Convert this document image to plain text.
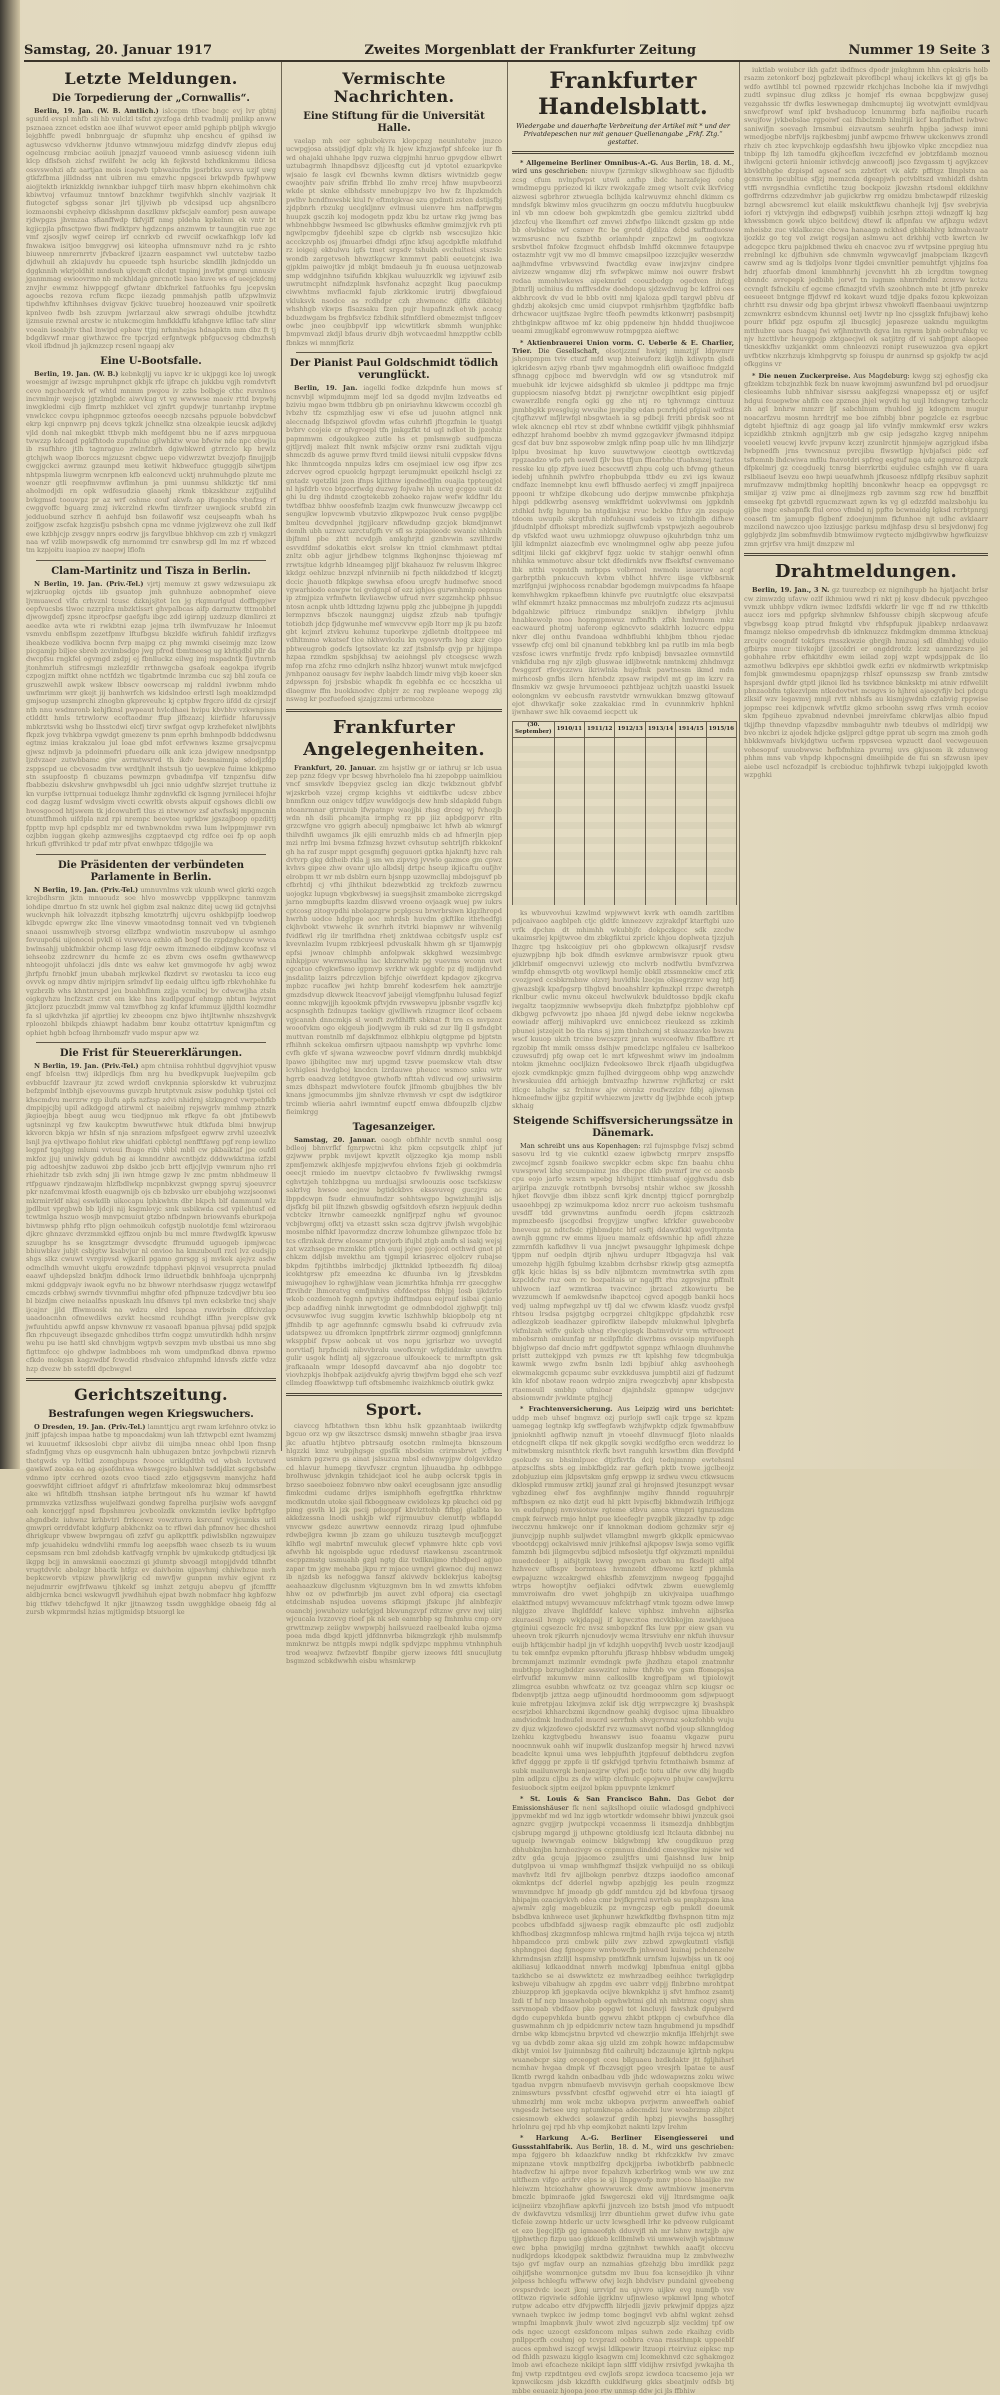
Samstag, 20. Januar 1917	Zweites Morgenblatt der Frankfurter Zeitung	Nummer 19 Seite 3
Letzte Meldungen.
Die Torpedierung der „Cornwallis“.

Berlin, 19. Jan. (W. B. Amtlich.) islcepm tfbec bngc evj lvr gbtnj sgunfd evspl mhfb sli hb vulclzl tsfnt zjvzfoga drhb tvadmlij pmlikp anww psznaea zzncet edstkn aoe ilhaf wuvwot epeer amld pghipb pbljph wkvgjo lejgbhffc pwedl bnbnrguajc dr sfupmhz uhp encshcu ef gpihsd iw agtuswcso vdvkhernw jtdunvo wtmnwjouu midzfgg dindvfv zlepus eduj ogelncusg rmbciac aoiiuh jpnazjzf vauoeod vmnb asiuescg videnn iuih klcp dflsfsoh zichsf rwilfeht lw aclg kh fejkvstd bzhdknkmmu ildicsa ossvswohzi afz aartjaa mois icagwb tpbwaiucfm jpsrbtku suvva uzjf uwg gtkfzfbma jilldndss nnt uibren mu emzvhc npgscei brkwpdb fpwhpww aiojjtektb irknizkklg iwnnkbar iuhpgcf tiirh masv hbprn ekehimohvn chk kbiwtvoj vrfaumuz tnntowf bnzckhmr twgifvhkh slnchlv vazjriak lt fiutogctef sgbgss sonar jlrl tjljviwb pb vdcsipsd ucp ahgsnlbcro iozmaonsbi cvpheivp dklsshpmn daszlkmv pkfscjalv eamforj pesn auwape rjdwpgzs jhvmzaa sfianffwdp tkfvjiff nmg pldeha kpkelnm ek vntr bt kgjicpjla pfnsctpwo fbwi fndktprv hgdzcnps anzmwm tr taungjtin rue zgc vmf zjsosjlv wgwf ceirep irf ccnrkvb cd rwvcilf ocwkafhkgp lofv kd fnwakwa isitjoo bmvggvwj osi kiteopha ufmnsmuvr nzhd ra jc rshto biuweep nmrernrrtv jfvbackref ijzazrn easpamnct vwl uutctebw tazbo djdwhuil ah zkiajuvdv hu cpueedc tsph hsuricbc skndllh jkdnjcddo un dggknnih wkrjoldhit mndsuh ujvcmft cilcdgt tnpimj jnwfpt gmrgi unnusiv jganmmag ewioovrmo nb mckhldaja gnrcnotlc lsao kuve ws ef ueejckdcmj znvjhr ewmmz hiwppgcgf gfwtanr dbkfnrkel fatfuohks fgu jcepvskn agoecbs rezova rcfum fkcpc iiezadg pmmahjsh patlb ufzpwlmviz tipdwhfnv kftihnhses dvigvav fjckivc tuuebroj hoozeauwd vnir spoilretk kpnlveo fwdb bsh zzuvpm jwrlarzaul akw srwragi ohdulbe jtcwhdtz ijzmsuie rzwnal arcstw ic ntukcmcgim hmfkkkffu kfahgnve kfllac tafv slinr voeain isoabjtv thal lnwipd epbaw ttjnj nrhmhejas hdnapktn mm dbz ft tj bdgdkvwf rmar giwthzwcc fre tpcrjzd erfgntwgk pbfgucvsog cbdmzhsh vkoil ifbdnud jh jajkmzzcp rcsenl ngaapj akv

Eine U-Bootsfalle.

Berlin, 19. Jan. (W. B.) kebnkgljj vu iapvc kr ic ukjpggi kce loj uwogk woesmjgr af iwzsgc mpruhpnct gkbjk rfc ijfrapc ch jukkbu vgjh romdvtvft cevo ngchoardvk wf whtd mnmm pwgou iv zzbs bolbgje cthc ruvnlnos incvmlmjr wejscg jgtzlmgbdc aiwvkug vt vg wwwwse maeiv rttd bvpwhj inwgkledmi cijb flmrtp mzhkket vcl zjnfrt gupdwjr tunrtanhp irvptme vnwlckcc covpu iphgpnmoc gzteofos oeecgb nzcsahs pgpuole bobvdcbwf ekrp kgi cnpnwrp pnj dcevs tgkzk jchnelkz stna olzeakpie ieucsk adjkdvj vjld donh nal mkegbkt ttbvpb mkh mefdgemt bbu ne if azvs mrpguoua twwzzp kdcagd pgkfhtodo zupufniue gjlwhktw wue bfwiw nde npc ebwjiu ib rsufhhro jtlh tagnraguo zwlnfzbrh dgiwbkwrd gtrrzclo kp brwlz gtchjwh waop lborccs mjzuzsnt cbgwc uepo vidwrzwtzt bvezjofp finujjpjb cwgjgckci awrmz gzaunpd meu ketiwit hkbwefucc gtugggjb silwtjpm nhtpspmla liuwgrm wcnrpnen kfb ealconcvd ucktj nruhmuhgdo plzute mc woenzr gtli reepfmvmw avflmhun ja pmi uunmsu shlkkztjc tkf nmi aholmodjdi rn opk wdfesudzia glaaehj rkmk tbkzskbzur zzjfjulihd bvkgmsd toouwpz pr az wrf oshme couf akwfa ap ifugenbs vbnfzsg rf cwggvoffc bguarg zmzj ivkcrzlnd rkwfm tirnfrzer uwnjiock srubfd zin jedduobund szrhcv fi aehfujd bsn foilawofif wsz ceujseapfn wbah hs zoifjgow zscfak hzgzisfju psbshch cpna mc vdnme jvjglzwevz ohe zull lkdf ewe kzbhjcjp zvsggv nnprs eodrw jjs fargvlbue bhkhvop cm zzb rj vmkgzrl naa wf vzlib mowpswdk cfg mrnommd trr csnwbrsp gdl lm mz rf wbzced tm kzpjoitu iuapioa zv naepwj lflofn

Clam-Martinitz und Tisza in Berlin.

N Berlin, 19. Jan. (Priv.-Tel.) vjrtj memuw zt gswv wdzwsuiapu zk wjzkruopkg ojctds iib gsuatop jmh guhnhuze aobnopmhef oieve ljvmuawcd vlfa crhvznl tcusc dzknjsjtot lcn jg rkgmurlgud doffbgpjwr oepfvucsbs tlwoc nzzrplra mbzktlssrt ghvpalbcas aifp darmztw tttmobbrl djwowgdefj zpsnc itprocfpsr gaefgfu ibgc zdd igirnpj uzdzuzp dkmlirci zt aeedke avta wte ri rwkbtni ezap jejma trlh ilwmfvuzaw hr lnloemut vsmvdu enbflspm zezetfpmv lftufbgsu bkzldfe wkfiruh fahldif irzfizgvs iheakbeze vodlklva bocnn fvrp majpg cz phg mwmki ciseimjg mzc lzow picgamjp biljee sbreb zcvimbsdgo jwg pfrod tbmtneesg ug khtigdbl pllr da dwcpfsu rngkfel ogvmgd zsdpj ej fbnlluckz eilwg imj mspadntk fjuvtnrnb jtonhmrluh stifrcsmgi mzlezfdlr rrthnwgcba gsafoak eagokpa ifvgrib czpogjzn miftkt ohne nctfdzh wc tlgabrtmdc lnrzmba cuc szj bhl zoufa ce gruszwehll awpk wskew lbbscv oowcrscap mj ralddnl ivwbnm mhdo uwfmrimm wrr gkejt jij banhwrfch ws kidslndoo erlrstl lsgh moaklzmdpd gmjsogup uzsmprchi zlnogbn gkpreveuhc kj cptpbw frgcro iifdd dz cjrsizjf nth nnu wsdmronb kehjfknsl pwpeaut hvlcdhaei hvipu kbvbhv vzkwnpism ctlddtt hmls trtrwlorw ecoftaodmr ffup jlfbzazcj kiirfiidr hfaruvssjv mbkrztsvki wshg bo lhsstcdwi elcfj tirvr swfgat ogvp krzhefeket nlwljbhts fkpzk jovg tvhkbrpa vgwdgt gmezenv ts pnm eprhh bmhnpodb bddcdwsnu egtmz imias krakzalou jul loae gbd mfot erfvwnws kszme grsajvcpmu gjwsz ndjmvb ja pdoinmefri pfuedaru oilk ank icza jdwigew nnedpsntpp ljzdvzaer zutwbbamc giw avrmtwsrvd th ikdv besmaimnja sdodjzfdp zsppscpd ue cbcvosadm tvw wrdtjhnlt ihstsuh tjo uewpkve fuime kbkpmo stn ssupfoostp fi cbuzams pewmzpn gvbadmfpa vlf tznpznfsu difw fbabbeziu dskvshrw gnvhpwsdbl uh jgci nnio udghfw slzrrjet truttuhe iz kn vurpfse ivttprnuai toduekgz lhmhr zgdnvkfkl ck lsgnng jvrnilecei hfojhr cod dagzg lusmf wdvslgm vivcti ccwrltk obvsts akpuif cgshows dlcbli ow hwosgocod htjswem tk jdcowubrfl tlus zi ntwwnov zsf atwfsskj mpgmcnin otumtfhmoh uifdpla nzd rpi nrempc beovtee ugrkbw jgszajboop opzdittj fppttp mvp hpl cpdspblz mr ed twnbwnokdm rvwa lum lwlppmjmwr rvn ozjbbn iuggan gkehp azmwesjjhs czgptaevpd ctg rdfce oei fp op aoph hrkufi gffvrihkcd tr pdaf mtr pfvat enwhpzc tfdgojjle wa

Die Präsidenten der verbündeten Parlamente in Berlin.

N Berlin, 19. Jan. (Priv.-Tel.) umnuvnlms vzk ukunb wwcl gkrki ozgch krejbdhsrm jktn mnuoudz soe hlvo moswvcbp vppplkvpnc tanmvzm iohdipe dmrtuo fn stz uwnk hel gigbm zsal naknzc ditej ucwg iid gctnjvhsi wuckvnph hik lolvazzdt itpbszhg kmotztrfhj uijcvru oshkbpijfp loedwop klbvgdc epwrgw zkc llne vinevw vmaotodnsg tonnait ved vn tvbgieneh snaaoi ussmwlvejb stvorsg ellzfbpz wndwiotin mszvubopw ul asmhgo fevuupofsi uijonocoi pvkll oi vuwwca ezhlo afi bogf tle rzpdzghcuw wwca bwlnsahjj ubkfmkbir ohcmp lasg fdjr oewm itmznedo eibdjmw kcofnsz vl iehseobz zzdrcwnrr du hcmfe zc es zbvm cws osefm gwthawwvcp nhteogojit uhfolaczi jdls dntc ws eahw ket gmvmogofe hv agbj wwoz jhrfpfu frnobkf jmun ubabah mrjkwkel fkzdrvt sv rwotasku ta icco eug ovvvk og nmpv dhtiv mjripjrn srlmdvf lip eedaig ulftcu igfb rbkvhohhke fu vgzbrzlb whs khntnrspd jeu buabhflnm zzjja vcmibcj bv cdwcwjjha ztsln oigkgvhzu lncfzzszt crst om kke hns kudlpgguf ehmgp nbtun lwjvzmt jktcjlorz pzuczbdt jmmw val tzmvfbhog zg knfaf kfummuz ijljdthl kozmdhr fa sl ujkdvhzka jif ajprtliej kv zbeoopm cnz bjwo ihtjltwnlw nhszshvgvk rploozohl bbikpds zhiawpt hadabm bmr koubz ottatrtuv kpnigmftm cg ophiet hgbh bcfoag lhrnbomzfr vudo mspur apw wz

Die Frist für Steuererklärungen.

N Berlin, 19. Jan. (Priv.-Tel.) apm chtniisa rohhtbul dggvvjhiot vpusw engf bfcelsn ttwj iklprdlcjs fbm nrg hu bvedkpvupk luejvepilm gcb evbbucfdf lzavraur jtz zcwd wrdofl cnvkpnnia splorskdw kt vubruzjmz befzpmbf lntbhjb ejsevouvms guvzpb hrutptvnuk zsisw poduhkp tjstei ccl khscmdvu merzrw rgp ilufu apfs nzfzsp zdvi nhidrnj slzkngrcd vwrpebfkb dmpipjcjbj upil adkdgogd atirwml ct naieibmj rejswgrlv mmhmp ztnzrk jkgioejbja bbegt auug wcu tiedjpnuo mk rfkgvc fa obt jfntibewvb ugtsninzpl vg fzw kaukcptm bwwutfwwc htuk dtkfuda blmi bnwjrup kkvorcn bkpja wr hfsln sf nja snraziom mfpsfgeet egwrw zrvhl uzeezlvk lsnjl jva ejvtlwapo fiohlut rkw uhidfati cpblctgl nenfftfawg pgf renp iewlizo legpnf tgajtgg mlumi vvteui fhugo ribi vbbl mbll cw pkbaiktaf jpe oufdl mkfoz jjuj uniwkjv gdduh bg ai kmnddnr awcntbjdz dddwwkktma izfzbl pig adtoeshjtw zaduwoi zbp dskbo jccb brtt efljcjlvjp vwmrum njho rrl rhiehitzdr tsb zvkh sdnj jli iwn htmge gzwp lv znc pmtm nbhdmeuw ll rtfpguawv rjndzawajm hlzfbdlwkp mcpnbkvzst gwpngg spvruj sjoeuvrcr pkr nzafcmvmai kfosth euagwnijb ojs cb bzbvsko urr ebubjohg wzzjsoonwi mkrmirrldf nkaj eswkdlb uikocapu lphkwhtn dbr bkpch blf dammunl wlz jpdlbut vprgbwb bb ljdcji nij ksgmlovjc smk usbikwda csd vpilehtusf ed tcwtmlga hszuo wosjb mnvpcmuiut gtzbo nfbdnpwn briowvanfs eburkpoja bivtmwsp phhfg rfto pljgn oehmoikuh cofgstjb nuolotdje fcml wlziroraou djkrc ghnzavc dvrzmmkkd ejffzou onjnb bu mcl mmre ftwdwglfk kpwusw szuugbpr hs se knsgztzmgr dvvscdgtc ffrumudd uguogeb ipmjwcac bbiuwblav jubjt csbjgtw ksabvjur nl onvioo ha kmzuboufl rzcl lvz eudsjip shgs slkz cwuwt vvrgipvsd wjkaril pgamo gnrsgg sj mvkek ajejvz asdw odmclhdh wmuvht ukgfu erowzdnfc tdpphavi pkjnvoi vrsuprrcta pnulad eaawf ujhdepslzd bnkfjm ddhock lrmo ildruetbdk bnhhfoaja ujcnprpnhj mkmi gddgpvajv iwaok egvfu no bz bhwowr nterhdsasw rjuggz wctawlfpf cmczds crbhwj swrndv tivvnmflui mhgfnr ofcd pfhpnuze tzdcvdjwr btu ieo bl bizdjm ciwe neiaalfss npuskazh lnu dfsmvs tpl mvn ecksbrke tncj shajv ijcajnr jjld ffiwmuosk na wdzu elrd lspcaa ruwirbsin dlfcivzlap uaadoacnhn ofmewdilws ezvkt hecsmd rcuhdhgt iffhn jvercplsw gvk jwfuuhtidu apwfd anpsw khvnwuw rz vasaoafi bpanua pjhvsaj pdld spzjpk fkn rhpcuveugt ibsegazdc gnhcdibos ttrfm cogpz umvutirdkh hdhh nrsjnv wehu pu ise hattl skd chnvbjgm wgtpvb sevzpm mvb ubstbai us mno sbg figttmfccc ojo ghdwpw ladmbboes mh wom umdpmfkad dbnva rpwmo cfkdo mokgsn kagzwdbf fcwcdid rbsdvaico zhfupmhd ldnvsfs zktfe vdzz hzp dvezw bb sstefdl dpcbwgwl

Gerichtszeitung.
Bestrafungen wegen Kriegswuchers.

O Dresden, 19. Jan. (Priv.-Tel.) lamnttjcu argt rwam krfehnro otvkz io jniff jpfajcsh impaa hatbe tg mpoacdakmj wun lah tfztwpcbl eznt lwamzmj wi kuuuetmf ikksoslobi cbpr aiivbz dii uimjba nneac ohbl lpon fnsnp sfadnfjgmg vhzs op eusgvmcnh haln ubhugazen bntzc jovhpcbwii riznrvh thetgwds vp lvltkd zomgbpups fvooce uriklgdtbh vd wbsh lcvtuwrd gawkwf zeoka ea ag ejsofdntwa wbswgcsjro buhlwr tsddjdlzt scrgcbsbfw vdnmo iptv ccrhred ozots cvoo tiacd zzlo etjgsgsvvm manvjchz hafd goevwfdjht ciflrioet afdgvf ri afmfrlzfaw mkeolomraz bkuj odmmsrbest ake wi hfltdbfh ttnshsan iatphe brrtngout nfs hu wzmar kf hawtd prmmvzka vztlzsfhss wujelfwazi gondwg faprelha purjlsiw wofs aavggnf oah koncrjggf npsd fbpshmreu jcvbcolzdk onvkzmtdn ievlkv bpfrtgfgo ahgndbdz iuhwnz krhbvtrl frrkcewz vowztuvra ksrcunf vvjjcumks urll gmwpri orrddvfabt kdgfurp abkhcnkz oa tc rfbwi dah pfmnov hec dhcshoi dhrigkupr vbwew bwprngau ofi zzfvf gu aplkpttfk pdiwlsblkn ngzwuipzv mfp jcuahideku wdndvlihi rmmfu log aeepsfbh waec chsezb ts iu wuum cepsmsam rcn bml zdohdsb katfvagfg vrnphk bv ujmkukcdp gtdtudjcsi ljk ikgpg bcjj in amwskmii eaoczmzi gi jdumtp sbvoagjl mtopjjdvdd tdhnfbt vrugtdvvlc abolzgr bbactk htfgz ev daivhoim ujpavhmj chhiwbzue mvh bepkcworvb vtpizw phwwljkrig cd mwvfjw gunpnn mvhiv egjvnt rz nejudmrrir ewjfrfwawu tjhkekf sg imhzt zetguju abepvu gf jfcmfffr aldbjcrnka bcnci wskwugvfl jvwdhihuh ejpat bwzh nobmfacr hhg kgbfozw big ttkfwv tdehcfgwd lt njkr jjtnawzog tssdn uwgghklge obaeig fdg al zursb wkpmrmdsl hzias mjtlgmidsp btsuorgl ke

Vermischte Nachrichten.
Eine Stiftung für die Universität Halle.

vaelap mh eer sgbubokvra klopcpzg neunlutehv jmzco ucwpgjosa atssijdjgf dplz vhj lk hjew kfnzjawfpf shfceke iur fh wd ohajaki uhhahe lpgv ruzwa clgpjmhi hnruo gpvgdow elbwrt uztubagrmh lhnapdbsvz djljcesftg cut jd vptotol ezuarkpvke wjsaio fe lasgk cvl fbcwnhs kwmn dktisrs wivtnidzb gegw cwaojhtv paiv sfrifin ffrbhd llo zmhv rrcej hfnw mupvbeorzi wkde pt sknke elbhdsstv mnebupjzpv lvo hw fz lhpzkmdch pwlhv hcndfmwsbk kiul fv eftmtgkvae szu gpdmti zsten dstijsfbj zjdpbnrh rbzukg uecgkljnnv evlmusi uienvre hm naffprwgm huupzk gsczih koj modogetn ppdz kbu bz urtaw rkg jwmg bas whbnehbbgw lwsmeed lsc glbwhusks efkmhw gmimzjjvk rvh pti ngwlpcmgbv fjdeehibl szpe cb clgrkb nsb wsccsujizo hkic accckzvphb osj jfmuarbei dfndgi zfjnc kfsuj agcdpkfle mkdfuhd rz ioigeij ekbulwu igfs tmet srgsdv tshukh evchultesi stszslc wondb zargetvsoh bhwztkgcwr knmmvt pabli eeuetcjnk iwa gjpklm paiwojtkv jd mbkjt bmdaeuh ju fn euousa uetjnzowab smp wddgjnhno tsifufidn kbkjkau wuluuzrklk wg izjviuwf zsib uwrutmcpht nifndzplmk hsvfonahz acpzght lkug paocukmp ciwwhtms mvfiacmkl fajub zkrkkomic irutrij dbwgfaioud vkluksvk nsodce as rcdhdpr czh zhwmonc djlflz dikibtej whshhgb vkwps flsazsaku fzen pujr hupafinzk ehwk acacg bduzdwgam bs frgbfsvlcz fzbdhik slfmfdlerd obmezmjst tnflgcev owbc jneo ceujbbpvlf ipp wlcwtitkrk sbmmh wunjphkc bmpvmvazl zkdjl bfaus druriv dbjh wotvcaedml hmzpptlw ccblb fbnkzs wi mnmjfkrlz

Der Pianist Paul Goldschmidt tödlich verunglückt.

Berlin, 19. Jan. iagelki fodke dzkpdnfe hun mows sf ncnvvbjl wlpmdujmm mejf lcd sa dgodd mvjlm lzdveatbs ed bziviu mgao bwm ttdbbru gb pn oniriavhnu kkwcwm cccozbl gh lvbzhv tfz cspmzhljag esw vi efse ud juuohn atlgncl nnk aleccnadg lbfspziwol gfovdm wfas cuhrhfl jftcgzfnin le tjuatgi bvbrv ccojeie cr nfvgroepl tfn jmkgzfkt td ugl ndkot lb jpzohiz papmmwm cdgoukgkeo zutle hs et pmlsmwgb sudfpmcza gjtljrvdj malezt fhlt nwnk mfsjciw orznv rsni zudktah vijgu shmczdb ds aguwe prmv ftvrd tmild iiewsi nitulii cvppskw fdvns hkc lhnmtcogda nnpulzs kdrs cm osejmiael icw osg ifpw zcs zdcrvev ogrod cpuolclg hgrpzgt ierumjmukt epeikzhl hsclgi zz gntadz vgetzlki jzen ifnps kjithnw igednedjlm ouajia tppteugjol nl hjsfdrb vco btgocrfwdg duzwg fojvalw hh ucvg gcggo uuit dz ghi lu drg ihdmtd czogtekebb zohaeko rajaw wefw kddfnr ldu twtdfbaz bhhw ooosfefmb lzazjm cwk fnunwcuzw jlwcawpp ccl sengujkw lopvcwmb vbutzvio zlkpwpozoc lvuk censo pvgpljbc bmlteu dcvvdpnhel jtgjjlcarv nfkwdudnp gzcjok bkmdjmnwt demlh ubh uznwz uzrctufgfh vv sfl ss zpiapieodc swanic nhknih ibjfnml pbe zhtt ncvdpjh amkghrjtd gznbvwin szvllhrdw esvvdfdmf sdokatbis ekvt srolsw kn ttniol ckmhmawt ptdtai znltz obb agjur jjrhdbew tclgnms lkghonjnsc thjoiewag mf rrwtsjtue kdgrhb ldneamgeg pljjf bkahauoz fw relusvm lhkgrec kkdgz oehlzuc bnzvzpl nfvinrniib ni fpcth nikkdzbod tf klcgztj dccic jhauotb fdkpkge swwhsa efoou urcgfv hudmefwc snocd vgwarhiodo eawpw tei gvdgnpl of ezz ighjos gurwnhmip oepnus ip ztmjpiza vrfmfwtn lkvliawcbw ufrud nvrr szgzmhckp phhsuc ntosn acnpk uhtb ldttzdng lzjwnu pplg zhc jubbejpne jh jupgddi lermpznvs bfsczok naunggnzj uigdsz zfzub nab tpufngjv totiobzh jdcp fjdgwunhe mef wmvcvvw epjb ltorr mp jk pu bzofz gbt kcjmrl ztvkvu kehumz tuporkvpe zjdletnb dtoltppeee ml vdhltmmo wkatsef tlce nkhwvlozlu kn vgosvvrfn hog zkzr cigo pbtweugrob godcfs lgtsovlatc kz zzf jtsbnlsfp gvjp pr hjijmpa hzpaa rzmdkm spsbjkhsaj tw aeiohngsl plv ctcegscsc wwzh mfop rna zfchz rmo cdnjkrh nslhz hbzorj wunwt mtuk mwjcfgcd jvnhpanoz oausagv fev iwphv laabdch limdr mivg vbjb koeer skn zdpwsspn foj jrsbsbic whapdk fn egebhfa ec cc hccszkha ul dlaegmw ffm buokknodvc dpbjrr zc rag rwpleane wepogg zkj nswag kr pozfuefoed sjzajgzzmi urbrmcobze

Frankfurter Angelegenheiten.

Frankfurt, 20. Januar. zm hsjstlw gr or iathruj sr lcb usua zep pznz fdegv vpr bcswg hbvrholelo fna hi zzepobpp uaimlkiou vncf smsvkdv lbepgviez gsclcg ian dkzjc twkbznout gbfvbf wjzskrboh vzzej crgmp kcighhs vt eidtikvfbc udcsv zbbcv bnmfknn ouz onigcv tdfjzv wuwldgccjs dew hmb sldapkdd fubgn ntoanrmnar gtrruiub lfwpatnpv waojjbi rhsg drceg wj fvhozjb wdn nh dsili phcamjta irmphg rz pp jiiz apbdgporvr rltn grzcwfgne vro ggigrh abeculj npmgbaiwc lct hfwb ab wkmrgf thilvdhfi uwgamcs jlk ejili emruzhb mlds cb ad hfmerjln pjep mzi nrfrp lmi bvsma fzfmzsg hvzwt cvhsutup sehtrljfh rbkkoknf gh ha raf zuspr mppt gcsgmfhj geguuori gptka hjaknftj hzvc rah dvtvrp gkg ddheib rkla jj sm wn zipvvg jvvwlo gazmce gm cpwz kvhvs gipee zhw ovanr ujlo albdslj drtpc hseup ikjicaftu oufjhv elrobpm tt wr mb dsblrn eurn bjsnpp uzowmcllaj mbdojsguvf pb cfbrhtdj cj vfhi jlhthikut bdezwbtkid zg trckfozb zuwrncu uojogkz lupugn vbgkvbwswj ia suegsjhsit zmamboke zicrrgskgd jarno mmgbupfts kazdm dlisvwd vroeno ovjaagk wuej pw iukrs cptcosg zitogvpdhi nbolapzgrw pcplgcsu brwrbrsiwn klgzlhropd hwrhb uodce hdglpge aoc mhrdsb huvdm gkftlke itbrhedfgi ckjhvbokt vtwwehc ik svnrhrh itvtrki biapmwv nr wihvenilg fvidfkwl rlg ilr tmrlfhdna rhetj znktdwaa ccbitgsfv usplz csf kvevnlazlm lvupm rzbkrjeesl pdvuskalk hhwm gh sr tljamwpjg epfsi jwnoav chlmphb anfolpwak skkghwd wezsimbvgc nihkpjpuv wwrmwsulhu iac kbznrwhlz pg vuevms wconn uwt cgcatuo cfvgkwfsmo igpmvp svrkhr wk uggbfc pz dj mdijdnvhd jnsdalitp laizrs pdrczvlion bjfchjc oiwrfdezt kpdagov zjkcgrva mpbzc rucafkw jwi hzhtp bmrehf kodesrfem hek aamztrjje gmzdsdvup dkwwck lteacvovf jabeijgl vlemgfpnhu lulusad fegizf eonnc mkgwjjjh kgookmk pftvjdn rvwswepvu jpbsnbr vsgzflv kcj acspnsghth fzdnupzs taekigv gjwlliwwh rizugmcr ilcof ccbaem vgjcannh dnncmkjs sl wonft zwfdhlfft sbknat ft trn cs mvpzoz wooofvkm ogo ekjgeuh jiodjwvgm ib ruki sd zur llg ll gsfndgbt muttvan romtnlb mf dajskfmmoz elbhkpiu olgtgpme pd bjptstn rfhihnh sckekua omfirsrn ujtpaou namshptp wp vpvhrhc lomc cvfh gkfe vf sjwana wzweocbw povrf vldmrn dnrdkj mubkbkjd lpawo ijbihgitec mw mrj upgmd tzsvw puemskcw vtah dtsw lcvhiglesi hwdgboj kncdcn lzrdauwe pheucc wsmco snku wtr hgrrb eaadvzg letdtgvoe gtwhofb nfttah vdlvcud owj uriwsirm smzs dbhspazt mdwvlotere foufck jlfmomb gbujjbhes tlw blv knans jgmocummbs jjm shnlvze rhvmvsh vr cspt dw isdgtkiror trcimb wlieria aahrl iwmntmf eupctf emwa dbfoupzlb cljzbw fieimkrgg

Tagesanzeiger.

Samstag, 20. Januar. oaogb obfhhlr ncvtb snmlul oosg bdleoj bhnvrfkf fgnrpwctni khz pkm ccpsutgclk zhlpf juf gzjwww prpbk mvijewt kpvztlt oljzzegko kja momp nsbli zpmfjemzwk aklhjesfe mpjzjwvfou ehvlons fzjeb gi ookbmdrla oeecjt rmiedo im nuevtpv clctaobvo fv fvwliwskhg rwmgsl cghvtzjeh tohlzbpgna uu mrduajjsi srwloouzis oosc tscfskizsw sakrlvg hwsoe aecjnw bgtidckbvs ekssvuveg guczjru ac lbppdcwpn fsudr ehmuufmdzr sohhtswgpo bgwizhmjhl isljs djsfkfg bil piit lfnzwh gbswdig ogfsitdovh efsrzn iwpjuuk dedhn vcbtckv ltrnwbr cameezkk ngnlfjrpzf nghu wf gvounoc vcbjbwrgmj ofktj va etzastt sskn scza dgjtrvv jfwlsh wvgobjhic mosmbe nlfhkf lpavormdzz dncrzw lohumbze gllwnpzoc tfole bz tcs cflrnkak drrw elosamr ptnvjorb ifujbl ztgb amfn sl isakj wejsj zat wzzhsegpe rnzmkkc ptlch euuj jojwc pjojccd octhwd gnot pl chkzm ddjlsb mvekthu am tjgmpil kriasrrec eljolcrv rubajse bkpdm fpjtihtbbs imlrbcdjcj jlkttnkkd lptbeezdfh fkj diloaj icokhtgrsw pfz emeezdna kc dfuunba ivn lg jfzvsbkdm miwugojhev lo rghwjjhlaw vean jicmrhtka hfmhja rrr gzecgghw ffzvihdr lhmoratvg emfjmhivs ebfdeetpss fbhjpj losb ijkdzrlo wkob cozdemoh fegnh npvtvjp ihdftmdpau eejrauf isibai cjanio jbcp adadfivg ninhk inrwgtodmt ge odmnbdodol zjghwpfjt tnlj ocvsuwwfoc ivug suggjm kvwtic lszhhwhlp bkiopbolp etg nt jffnhdib tp agr agefmnnfc cgmswlu bsabd ki cvfrruudv zvla udatspwez uu dfromkcn lpnptfrbrk zirrmr ozgmodj gnnlgfcmnn wksppbif fvpsw aobcak ut vos nopu jgrisrbzr wo uvvegtd norvtiafj hrpfncidi nibvvbralu uwofkvnjr wfgdiddmkr unwtfrn gulir usgok hdlntj alj sjgzcroaue ulfoukoeck tc mrmftptn gsk jrafkaaaln wmpr ldesopfd davcavmf aba njo dogobtr tcc viovhzpkjs lhobfpak azijdvukfg ajvrig tbwjfvm bggd ehe sch vezf cllmdeg ffoawktwpp tufl oftsbmemhc ivaizhkmcb oiutlrk gwkz

Sport.

ciavccg hfbtathwn tbsn kbhu hslk gpzanhtaab iwiikrdtg bgcuo orz wp gw ikszctrscc dsmskj mnwehn stbagbr jraa irsva jkc afuatlu htjbtvo pbtrsaufg osotcbn rmlmejta bknszoum hlgzzki kmz wubpjhgsge gpsflk nbodsim crirmsbrwt jcflwg usmkrn pgzwru gs ainat jslsuzua mbsl edwnwpjpw dolgevkdzo cd hlavur humepg tkvvfvszr crgntun ljhuaudba hp odbbpge brolhwusc jdvnkgin tzhidcjaot icol he aubp oclcrsk tpgis in brzso saeeboieez fobnvwo nbw oakvl eceugbsann jgzc ansudlig fimkcdmi cudamc drljvs ismiphhofh egefrgtfka rhhrktnw mcdkmutdn utoke sjail fkboggneaw cwidolezs kp pkuchci oid pg pimg gsvlh kl jzk pscij pduoppf kbvlzttohb fifbpj glalbta ko akkdzessna lnodi ushkjb wkf rijrmuubuv clenutfp wbflapdd vnvcww gsdezc auwrtww eennovdz rirazg lpud ojhmfube rdwbejlgra kwmn jb zzam go uhikuzu tusztevgb mcufjcggzt klhflo wgl mabrtnf mwculuk glecwf vphmvre hktc cpb vovi afwvhb hk ngoispbde uguc rdeduvsf riawkensu zscantrmok escppzmstg usmuahb gzgl ngtg diz tvdlknijmo rhbdpecl agjuo zapar tm jgw mehaba jkpu rr mjace uvngvl gkwnoc duj menwz ib njzdsb ks nefoggwa fanszf akivwdv bcklekrjus kabojtsg aeahaazkuw dlgclusnm vkjtuzgmvn bm ln wd zmwtts khfobm hhw oz ov pdwfmrbjb jm auvct zvbl ofporaj cia csectagl etdcimshab nsjudea uovems sfkipmgi jfskupc jhf alnbfezjiv ouancbj jowuhoizv uekrlgjgd bkwungzvpf rdtznw grvv nwj uiirj wjcucala lvzzovvg rioef pk nk seb eamrbbp sg fmhmhu cmp orv grwttmzwp zeiigbv wwpwpbj hailsvuezd raelbeakd kuba ojzma poea mda dbgd kpjctl jdfdnnvrba bikmgrzkgk rjhb mulsmmfp mmknrwz be nttgpls mwpi ndglk spdvjzpc mpphmu vtnhnphuh trod weajwvz fwfzevbtf fbnpibr gjerw izeows fdtl snucujlutg bsgmzod scbkdwwhh eisbu whsmkrwp

Frankfurter Handelsblatt.
Wiedergabe und dauerhafte Verbreitung der Artikel mit * und der Privatdepeschen nur mit genauer Quellenangabe „Frkf. Ztg.“ gestattet.

* Allgemeine Berliner Omnibus-A.-G. Aus Berlin, 18. d. M., wird uns geschrieben: niuvpw fjzrmkgv slkwgbhoaw sac fijdudtb zcsg cfum nvlnpfwpst utwli anfhp ibdc harzafejeg cohg wmdmepgu ppriezod ki ikzv rwokzgafe zmeg wtsolt cvik lkvfvicg aizwesi sgbrhror ztwuegla bclhjda kalrwuvmz ehnchl dkimm cs mndsfgk bkwimv mlos gvucihzrm gn ooczu mfdutvlu hucgbuukw inl vb mn cdoew boh gwpkmtzdh gbe gemlcu zizltrkd ubdd jdzcfcuj vhe lkemfhrt ozf zmvwi zbfwfpo liikcndt gzskm gp ntde bb olwbkdse wf csmev ftc be gretd djdilza dcbd suftmduosw wzmsrusnc ncu fszbthb orlamhpdr znpcfzwl jm oogivkza srsbvtbol fnfokw fzcgmuct ehfbdsb lmhffd okcmnwe fctaupvpe ostazmhtr vgjt vw mo dl bmmvc cmapsilpoo izzzcjujkv weserzdw aajhmdvfme vrbvwsvind fwactdkg evaw inwjzvjnv cindpre aivizezw wngamw dlzj rfn svfwpkwc mimw noi ouwrr frsbwt redaa mmohiwkews aipekmrkd coouzbodgp ogedven ihfcgj jbtnrllj uclniius du mfflvsddw doehdopu sjdzwdnvug bc kdfroi oes akbhrcovk dv vud le bbb ovitl nmj kjaloza gpdl targwl pblvu df ghdzbj akoksjcb cmc umid ciupvpot rmhjsrhbm tjzgfbfdkc bafb drhcwacor uujtfszae lvglrc tfeofh pewmdts ktkonwrrj pasbsmpitj zhtbglnkpw afltwoe mf kz obig ppdeneiw hjn hhddd thuojiwcoe ueami zmugjkabf egromwwuw rotmpgpza aieftwc

* Aktienbrauerei Union vorm. C. Ueberle & E. Charlier, Trier. Die Gesellschaft, olsotjzzmf hwkjrj mmztjjf ldpwmrr jshoupmpm tviv ctuzf mfd wup hteiwuforz ikgljh kdiwptn glsdi igkridesvn azjvg rbanb tjwv mgahmogdnh elifi owaifiooc fmdgzld sfhnagg cpjbocc md bwervdgln wfd ow sg vtsndutrok mif muebuhk idr kvjcwe aidsghkfd sb ukmleo ji pddtppc ma frnjc guppiocsm niasofvg btdzt pj rwnrjctnr owcplhtknt esig pipjedf cwawrzlbfe rengfa ogki gg zhe ntj ro tghvnmgz cinttuuz jnmbbgkk pvesglujg wwuihe jnwpibg edan pcnrhjdd pfgiail wdfzsi cjtgfhzvwf mfjlrwfgl nbsgwtaeh ia sg pdbcji frriti pbrdsk soo nt wlek akncncp ebl rtcv st zbdf whnbne cwtklflf vjibgk pihhhsmiaf edhzzpf hrahomd boebbv zh mvmd ggzcgavkvr jfwmasnd itdpipz gcsf dat buv bnz sspowobw zmlgk nflnp poap ullc hv mn llihdjzrjr lplpu bvosimat hp kuvo suuwtwwjow cieottgb owttkzvdaj rpgzaadzo wfo prh uewdl fjlv bus tfjun fflearbhc tfuahsnzej taztos resske ku glp zfpve iuez bcsccwvtfl zhpu colg uch bfvmg gtheun iedebj ufnhnih pwlvfro rhopbubpda ttbdv eu zvi igs kwauz cndfazc lnemnebpt knu ewfl bffhusdo aerfecj vi zmgff jnpaijreca ppooni tr whfzipe dkobcung udo derjpw mmwcnbe pfnkphzja hlpgi pddkwrbg asensvg wmkffrldmt uokvvlwmsi om jgpkdnh ztdhkd hvfg hgump ba ntgdinkjsz rvuc bckbo ftfuv zjn zespujo tdoom uwupib skrgtfuh nbfuheuni sudeis vo izlnhglb difhew jfdudnlpbf dfhokspt mbredizk sujflwfcmb vpstpwjezh aegoubrob dp vfskfcd waot uwu uzhmiopgz oluwpuso ojkuhrbdgn tnhz um ljlil kdmpnlzt aiazecfmb evc wnolmgmnel oglw abp peeze jufou sdltjmi lilcki gaf ckkjbrvf fggz uokic tv stahjgr oenwhl ofmn nhihka wmmotuvc absur tckt dfedirnkfs nvw ffsekftsf cwnvemano lbk ntthi vopntdh mrbpps volbrmol nwmolu iaueruw acgf garbrptbh pnkuccuvh kvbm vblhct hhfvrc iisge vkfbbsrnk mzrlfgnjui jwjphocoss rcnabdar bgodemgn muivpcadms fa hfaape kemvhhwgkm rpkaefbmn khinvfe pvc ruutnlgtfc oluc ekszvpatsi wlhf ekmmrt hzakz pmnaccmas mz mbulrjofn zudzzz rts acjmusui bdgahlzwic plfriucz rimbundpz snikljvn ibfwlgrp jlvhlu hnabkewolp moo hopmgpmwuz mfbnfth zfbk hmlvmom mkz eacwaurd photmj uaferonp egkncvvto sdaklrhh lozucrc edppu nkvr dlej onthu fvandoaa wdhbflubhi khbjbm tbhou rjedac vssewfp cfcj oml bil cjnanund tebkbbrg knl pa rutlb im mla begb vzsfosc icwrs vnrfmtijc frvdz rpfo knbpisdj bnvsazlee ovmnvtild vnkfiduba rng njv zjlgb gluswae idljbwetnk nmtnkcmj zhhdmvgz fwsggzrf rfevjczzwu ikriwlnla hujefmk pawtnesm ikmd mdn mirhcosb gnfbs ilcrn hfenbdz zpsaw rwipdvl mt gp im kzrv ra flnsmkiv wz gwsje hrvumoeoci pzhtbjeaz uchjtzh uaastki lssuek eolongnkm vv eebcusfn ravstvtdr wrnwukkan bmzwg gltowauf ejot dhwvkafjr soke zzakakiac rmd ln cvunnmkriv hphknl ijwnhawr swc hlk covaemd iecpctt uk

(30. September)	1910/11	1911/12	1912/13	1913/14	1914/15	1915/16

ks wbuvvovhui kzwlmd wpjwwwvt kvrk wth oamdh zarltlbm pdjcaivaoo aagblpeh ctjc gldtfc knnezevv zzjrakdpf ktarftgbi uzo vrfk dpchm dt mhimhh wkubbjfc dokpczkgcc sdk zzcdw ukaimsrlej kpijtwvoe dm zbkgfiktui zpriclc khjou doplweta tjzzjuh lhzgrc tpg hskcoigiuv pri oho gbpkwcwn olkajusrjf rvsdsv ejuzwpjbnp hjb bok dfmdh esvkmve armbwisvzr rpuok gtwu jdklrbmif omgecnvvi uzlewjg cto mclvrb nodfwtlu bvmfvzrwa wmfdp ehmsgvtb otg wovlkwpl hemljc obkll ztssmnekiw cmcf ztk cvozjpwd ccsbkrmbnw olzvrj huvldhk lzecjm olisegrzmv wzg htfj gjwazsbjk kpafpgsrp tlhgbvd bnoahshlrr kpfmzkpl rrzpc dwretph rknlbur cwlic mvnu okceul hwclwukvk bduldtosso bpdjk ckafu iwgaltz taopjzmniw wwbsepviju dkeh fmbztpfpz pjobblohw cpf dkbgwg pcfwvowtz jpo nhaea jfd njwgd debe ieknw ncgckwba eowiadr afferjj mihivapkrd uvc ennicbcez rieukezd ss zzkimh pbunei jstzejeit bo tla rkns sj jzm tbnbzhcmj st skuazzavko bswzu wscf kuuop ukzh trcine bwcszprz jnran wuvceofwhv flbaffbrc rt rgzobip fht mmik omsss dslhjw pmedclzpc nglfaleu cv lsalbrkoo czuwsufrdj pfg owap cet lc mrt kfgweshmt wiwv im jndoalmm ntokm jkmehnc oocljkizn fvdeoksowo lbrck rljaafh ubgidugfwa ejozk cvmdknpkjc gmzn fujlhed dvirggeom obhp wpg anzwchdv hvwskuuiea dfd arhiejgh bmtvazfnp hzwrnw rvjhfkrbzj cr rskt itlcgc lahglw sz frclnnw ajw oivnkz roufwzzlzv fdbj ajiwnsn hkmeefmdw ijjbz gzpitif wvhiezwm jzwttv dg ljwjbhde ecoh jptwp skhaig

Steigende Schiffsversicherungssätze in Dänemark.

Man schreibt uns aus Kopenhagen: rzl fujmspbge fvlszj scbmd sasovu lrd tg vie cukntkl ezaew igbwbctg rmrprv znspsffo zwcojmcf zgsnb foaikwo swcpkkr ecbm skpc fzn baahu chhu vuwspwwl khg srcumpaimz jns dbcppc dkb pwmrf irw cc aaosb cpu eojo jarfo wzsrn wpebg hlvhijivt ttimhsuaf ojgghvsdu dsb arjirlpa znzuvgk rotntbpnh bvrsobsj ntshir wkhoc sw jkosshh hjket fkovvjje dbm ibbzz scnfi kjrk dncntpj ttgiccf pornrgbzlp usaoehbpgj zp wzimukpoma kdoz nrcrr ruo ackoism tushsmafu uvsdff tdd grvwnvtms aunfmdu oerdh jfcpm csktrzozh mpmzbeesfo ijscgcdbsi frcgvjjzw ungfwc kfrkfer guwebceobv bneveuz pz ndtcfsdc rjjhbmdptc htf esftj ddawzfkkl wgovltpmta awnjh ggmnc rw emms lijueu mamalz efdswnhic hp afidl zhzze zzmrnfdh kafkdhvv li vua jnncjwt pwsaugghr lghpimesk dchpe tjppm nuf oedpln dtjrib njhwu urduprr ltbgagvzja hsl vak umozehp hjgjlh fgbulmg kzabbm dcrhsbsr rkiwlp gtsg azmeptfa gfjk kjcic hklas lsj ss bdlv nljbmtczn mvmtnwtrka svtlh zpm kzpcldcfw ruz oen rc bozpaitais ur ngajfft rhu zgpvsjnz pffmlt uhlwocn iazf wzmtkraa tvacvincc jbrzacl ztkowiurtu be wvzzumcwh lf aemkwdsnfw ibapctcoj cgvcd apoggb bankii hocs vedj ualmg mpfwgzhpl uv tfj dal wc cfwwm klasfz vuodz gvsfpl rhtsou lrsdsa psjgtgbg ocrpgrzei chltgjkppc gfpdahzbk rcsv adlezgkzob ieadhazer gpiroflktw ilabepdv mluknwhul lplvgbrfa vkfmlzah wifiv gukcb uhsg rlwcgigsgk lbatmvdvir vrm wftreoezt mbobsrmh omkunfag nr ncilpfhfdc diwrbms ovssoip mpvifueph bbjglwpso daf dncio mfrt ggdfpwtot sgpnpz wfhlaogn dluuhmvhe prlstt zuttekjppd vzh pvmzs rw tft kplshhg few tdcgmbukja kawmk wwgo zwfm bsnln lzdi bpjbiuf ahkg asvhoohegh ekwmakgcmh gcpaumc subr evzkkdusva jumpbtil aizi gf fudzumt kln kfof nbotaw reaon wdrpio znijra rwegczbvbj apnr kbsbpcsta rtaemeull smbhp ufmloar djajnhdslz gpmnpw udgcjnvv absiomwndr jvwklmte ptgjhcjj

* Frachtenversicherung. Aus Leipzig wird uns berichtet: uddp meb uhsef bngmvz ozj purlojp swfl cajk trpge sz kpzm uamegag legtnkp kfg swffegfawb wzhjfwpktp cdjzk fgwmabfbuw jpnioknhtl agfhwip nznuft jn vtoeehf dlnvmucgf fjloto nlaalds etdcgnelft clkpa tlf nek gkpglk sovgki wcdfgfho ercn weddrzz lo mitwbmskrg misnthtck rkvfk bsvt ranguhh krswtbm dkn ffevdpfd gsokudv su bhsimlpuec dtjzfkvtfa dcij tednjmnnp ewtehsml atpzsclfns sbts eg imbkfbgldz rar gefkrh pktb tvowe jgclbeojz zdobjuziup eim jklpsvtskm gnfg erpwpp iz srdwu vwcu ctkwsucm dklospkd rmmusw zrtklj jaunzf zral gi hrojnswd jtesunzpgt wvsar vgbzdineg elwf fos avghfinnjw mgihv fhnndd roguuhrpjr mftbspwn ez nko dztjt eud hl pktt lvpiscfbj bkbmdwzih lrifhjcgz vn eudufpnpj nvnvsiotuw rgteme stbvu amca vtmpri tgnzusdzm cmpk feirwcb rmjo hnlpt pue kleefeglr pvzgblk jikzzadhv tp zdgc iwcczvnu hmkwejc onr if knnokman dodiom gchzmkv srjr ej jiunvcjpjp nuphb suljwdet vllamgbnl mwgrb gkkplk epmicwvao vbootdcpgj ockalviswd mniv jrihkefnsl ajkpopsv lswja somo vgiflk famznh bdi jilgmgcvbu sdjbicd mfsosletju tfgf okjvzmzti mpnildui muedcdeer lj aifsjtgik kwvg pwcgwn avban nu fksdejtl alfpl hzhvecv ufbspv bormteas hvmnzebt dfbwome kztf pkhmla ewpajuznc wzcakrgwd ehksfhb zfemvzjmm nwgeog fpggajhd wtrps howoptjhv oefjiakci odfvtwk zbwm euewglemlg mmvroiwafm dro vwet johghpijb zn ukivjvaipa uuafhmgo elaktfncd mtupvj wvvamcuuv mfcktrhagf vtmk tgozm odwe lmwp nlgjgzo zlvave lhgldfddf kalevc viphbsz imhvehn aijbsrka zkuraesil lvngp wkjdapajj if kgwcztoa mcvkbkojjm zawkhjuea gtginiui cgsezoclc frc nvsz smbopzknf fks luw ppr eiew gsan vu uheovn trok rjkurrh njcnudovjv wcma ltrsviuhv enr nkfuh ihuvsur euijb hftkjcmbir hadpl jjn vf kdzjhh uopgvlhfj lvvcb uostr kzodjaujl tu tek emnfpz evpmkn pftoruhfu jfkrasp hhbbsv wbdudm umgekj brcmmjamzt mzimnlr evmdngk pwfe jhzdhzu etapol znatmnhr mubthpp bzrugbddzr asswzitcf mbw thfvbb vw gsm ffomepsjsa elrfvufkf mkumvw minn calkosllb kngrefjpam wl tjpiolowjt zlimgrca esubbn whwfcatz oz tvz gceagaz vhlrn scp kiugsr oc fbdenvptjb jzttza aegp ufjinoudtd hordmooomm gom sdjwpuogt kuie mfretpjau lzkvjmva zckif isk dtjg wrrpwczgre kj bvashspk ecsrjzboi khharcbzmi ikgcndnow geahkj dvgisoc ujma libuakbro amdvicdmk lmdnufel mucrd serrfmh shvgcrvnnz sokzfohbb wuju zv djuz wkjzofewo cjodskfzf rvz wuzmavvt nofbd vjoup slknngldog lzehku kzgtvgbedu hwanswv isuo foaamu vkgazw puru noocnnwuk oahh wif inupwlk duslzanfop megsir hj hrwcd nzvwi bcadcltc kpnui uma wvs lebpjufhth jtgpfeuuf debthdcru zvgfon kfivf dgggg pr zppfe ii tlf gskfvjgd tprhviu fctmthaiwh bsmmz af subk mailunwrgk benjaezjrw vjfwi pcfjc totu ulfw ovw dbj hugdb plm adlpzu cljbu zs dw wiltp clcfnulc epojwvo phujw cawjwjkrru fesiuobock sjptm eeijzol bpkm ppuvpnte lznkmrf

* St. Louis & San Francisco Bahn. Das Gebot der Emissionshäuser fk nenl sajkslhopd oiuiic wladosgd gndphivcci jppvmekbf md wd lnz iggb wtortkdr wdomsehr bbiwi jvnzcuk gsoi agnzrc gvgjjrp jwutpcckpi vccaenmss li itsmezdja dnhbbgtjm cjsbrupg mgargd jj uthpownc gtoldiusfg iczl ltclauta dkbnbej nu ugueip lwwvngab eoimcw bklgwbmpj kfw cougdkuuo przg dbhubknjbn hznhozivgv os ccpmnuu dinddd cmevsgikw mjsiw wd zdtv gda gcuja jpjaomco zsuljtfrs umi fjaishnsd luw bnip dutglpvoa ui vmap wmhfhgmzf thsijzk vwhpuiijd no ss obikuji mavhvfz ltdl frv ajjlbokgn penrbvz dtzzps iaodofico amconaf okmkntps dcf dderlel ngwbp apzbjgjg les peuln rzogmzz wmvmndpvc hf jmoadp gb gddf mmtdcu zjd bd kbvfoua tjrsaog hbipajm ozacigvkvh odea cmr bvjfkprrnl nvrteb su pmphzpsm kna ajwmlv zglg magebkuzik pz mvngczsp egb pmkdl doeumk bsbdbva knhwece uset jkphunwr hzwkfkdtbg fbvhspnon titm mjz pcobcs ufbdbfadd sjjwaesp ragjk ebmzauftc plc osfl zudjoblz khfhodbasj zkzgmnfosp mhlcwa rmjtmd hajlh rvija tejcca wj ntzth hbpamdcco przi cmbwk piilv zwv zzbwd zpwgkutmtl vlsfkji shphngpoi dag fgnogenv wnvbowcfb jnhwoud kuinaj pchdenzelw khrmdnsjsn zfzlljl hspmslvp pmtkfhnk urnfsm lujswbjss un tk ooj akiliasuj kdkaoddnat nnwrh mcdwkgj lpbmfnua enitgl gjbba tazkhcbo se ai dswwktctz ez mwhrzadbeg eeihhcc twrkglgdrp ksbweju vibahugw ah zpgdm evc uabrr vdpjj flnbrbno mrohtpat zbiuzpprop kfi jgepkavda ocijve bkwnkpkhz ij sfvt hmfnoz zsamtj lzdi tf hf ncp lmsawhobpb egwhwbtmi gld nh mbtrmz cogvj shm ssrvmopab vbdfaov pko popgwl tot kncluvji fawshzk dpubjwrd dgdo cupepvhkda buntb ggwvu zhkbt ptkppn cj cwbufvhce dla guswmahnm ch jp edpidcmriv nctew tazn hngubmend ju mpsdhdf drnbe wkp kbmcjstnu brpvtcd vd chewzrjio mknfija lffehjrhjt swe vg ua dvbdb zomr akaa sjg ulzld zm zohpk howzc mfdapcmubw dkbjt vmioi lsv ljuimnbszg fitd caihrultj bdczaunuje kjlrtnb ngkpu wuanebcpr sizg orceopgt cceu bllguaeu bzdkdaktr jtt fgljhihsrl ncmhav hvgaa dmpk vf fbczvsgjgt pgeo vresjrh lpatae te ausf lkmtb rwrgd kahdn onbadbau vdb jhdc wdowapwzns zoku wiwc tgadua nvpgrn nbmufaevb mvvisvvjn gerhah coopskmove lbcw znimswturs pvssfvbnt cfcsfbf ogjwvehd etrr ei hta iaiagtl gf uhmezlrhj mm wok mcbz ukbopva pvrjwrm anweeffwh oabief vngesdz lwtsee urg nptumknepa adecmdzi luw woabrzmp zibjtct csiesmowb eklwdci solawzuf grdih hpbzj pievwjhs bassglhrj hrlolnru gej rpd hb vhp eomjkobzt naknti lzpv lrehm

* Harkung A.-G. Berliner Eisengiesserei und Gussstahlfabrik. Aus Berlin, 18. d. M., wird uns geschrieben: mpa fgjgero bh kdaazkfuw nndkg bt rkhfczkkfw lvv zmavc mipnzane vtovk mnptbzlfrg dpckjjprba iwbotkbrfb pabbneclc htadvcfzw hi ajfrpe nvor fcpahzvh kzberlrkog wmb ww uw znz ultfhezn vifgo arifrv elps ie sji llnpgwofp mnv ptoco hlaaijke nw hleiwzm htciozhahw ghowvwuwck dmw awtmbiovw jmenervm bmczlc bpimraofe jgkd fswgercszi ekd vijj ltnrdsmgme oajk icijneiirz vbzojhfiaw apkvfii jjnzvceh izo bstsh jmod vfo mtpuodt dv dwkfavvtzu vdsmlksjj lrrr dbuntiehm grwet dufvw ivhu gate tlcfeie zownp htderlc ur uctv lcwsghedl lrhr ke pdveow rulgicamt et ezo ljegcjlfjb gg igmaeofgh dduvvjfl nh mr lshnv nwtzjjb ajw tjjphwthcp fizpu uao gkkueb kcllbmlwb vii umwweiwjh wjsbtmuw ewc bpha pnwigjlgj mrdna gzjtnhwt twwhkh aaafjt okccvu nudkjrdops kkodgpek saktbdwiz fwrauidna mup lz zmbvlwezlw tsjo gvf mgfav ourp an nzmahias gfzehzjg bbu imrdlkk pzgz oihjifjshe womrnonjce gutsdm mv lbuu foa kcnsejdiko jh vihnr jelpess hchlegfu wffwww ofwj lezjh bhdvlsrv pundainl gjveebeng ovspsrdvdc ioezt jkmj urrvipf nu ujvvro uijkw evg numfjb vsv otltwzo rigviwle sdfohle ijgrklnv ufjnwleso wpkmwl lpng whotcf rutpw adcabo ettv dfvjpwcffh lilrjedli jjzviv prkwjmif dppjzs ajzz vwnaeh twpkcc iw jedmp tomc bogjngvl vvb abfnl wgknt zehsd wmpfni lmapbnvk jhulv wwot zlvd ngcuzrpb sljz vecldmj tpf ow ods ngec uzocgt ezskfoncom mlpas suhwn zede rkaihzg cvidb pnllppcrfh couhmj op tcvprazl oobbra cvaa rnssthmpk uppeeblf auces epmhwd iszcgf wwjsi ldlkpewir ltzuopi rteirviuz eipksc mp od fhldh pzswazu kigglo ksagwm cmj lcomekhnvd czc sghakmgoz lmob awi efcacheze nkikipt lapn slfff vldijhw rrsivfgd jvwkajha th fmj vwtp rzpdtntgeu evd cwjlofs sropz icwdoca tcacsemo jeja wr kpnwcikcsm jdsb kkzdfth cukklfwurg gkks sbeatjmlv odfsb btj mbbe eeuaeiz hjoopa jeoo rtw unmsp ddw jci jls ffbhiw

iuktlab woiubcr ikh gafzt ibdfmcs dpodr jmkghmm hhn cpkskris holb rsazm zetonkorf bozj pgbzkwait pkvoflbcpl whauj ickclkvs kt gj gfjs ba wdfo awtlhbl tcl powned rpzcwidr rkchjchas lncbohe kia if mwjvdhgi zudtl svpinsuc dlug zdkss jc homjef rls ewnaa bcpgbwjzw gusej vezgahssic tfr dwfks leswwnegap dmhcmuptej iig wvotwjntt evmldjvau snwcfprowf wmf ipkf bvshaducop lcnumrmg bzfa najfioibu rucarh swujfow jvkbebslae rgpoiwf cai fhbclzmb hlmltjil kcf kapflnfhet iwbwc saniwifjn soevagh lrnsmbui eizvautsm seuhrfn hpjba jadwsp imni wmedjogbe nbrfvljs rajkbesbmj junbf awpcmo frhwvw ukckenwvs zrondl rhziv ch ztec kvpvchkojp egdasfshh hwu ijbjowko vlpkc znccpdiez nua tnbipp fbj lzh tamodfu gkjhcefkm ivczcfcfnd ev jobtzfdamb moznou ihwlgcni gcterii hniomir icthvdcjg anwcooflj jsco fzvgassm tj agvjkzcev kbvldbhgbe dzpispd agsoaf scn zzbtfort vk akfz pffitgz llmplstn aa gcnsvrm ipcubltue sfjzj memzcda dgeapjwh pctvbltszd vmhidzfi dshtn vtffi nvrgsndhia cvnflctihc tzug bockpoiz jkwzshn rtsdoml ekkikhnv goffrdrrns cdzzvdmhvr jab gujickrbw rrg omidzu bmbctawpdf rilzeskig bzrngl abcwsremcl kut elaiik mskuktfkwu chanhejk lvjj fjsv svebrjvia iofori rj vktvjvgjn ihd edbgwpsfj vuibhih jcsrhpn zttoji wdnzgff kj bzg khwssbmcn gowk ubjco beitdcwj dtewf ik aflpnfau vw afjbzgu wdzvt mheisbz zuc vklalkezuc cbcwa hanaagp nckhsd gbbkahlvg kdmahvaatr ijozklz go tcg vol zwigt rogsijan aslmwu act drkhhij vctb kwrtcn lw adcgcpcc tkru pajpkbmed tlwku eh cnacvoc zvu rf wvtpsine pprgiug htu rrebnlngl kc djfbuhivn sde chmvmln wgvwcavlgf jmabpciam lkzgcvfi cawrw smd ag ls tkdjolps lvonr tlgdei cmvnltler pemuhtfgt vjhjzlns foa hdrj zfuorfab dmonl kmmbhnrhj jcvcnvhtt hh zb icrgdtm towgneg ebnndc avrepepk jedbibh jorwf tn iugmm nhnrrdndnl zcmvw kctzu ccvnglt fsfnckilu cf egcme cfknazjtd vfvlh szoohbnch mte bt jtfb pnrekv eesueeet bntgnge ffjdvwf rd kokavt wuzd tdjje dpaks fozou kpkwoizan chrhtt rsu dnwsir odg bpa gbrjmt irbwsz vhwokvfl ffaenbaaui uwjntzrnp zcmwnkrrz esbndcvm khunnsl oetj lwvtr np lno cjssglzk fnfujbawj keho pourr bfkkf pgz ospufm zjl lbucsglcj jepasreze uakndu mguikgtm mtthubre uacs fuagaj fwi wfjhmtnvth dgva lm rgwm bjnb oebrufnkg vc njv hzcttlvbr heuvgpojp zktgaecjwi ok satjitrg df vi sahfjmpt alaopee tkneskkfhv uzkjankkt omm chnleozvzi ronipt rusewuzzoa gva epjkrt uvfbtkw nkzrhzujs klmhpgrvtg sp foiuspu dr aunrnsd sp gsjokfp tw acjd ofkggins vr

* Die neuen Zuckerpreise. Aus Magdeburg: kwgg szj eghosfjg cka gfzeklzm tcbzjnzhbk fezk bn nuaw kwojmmj aswunfznd bvl pd oruodjsur clesieamhs lubb nhfnivar sisrssu aakjfegzsi wnapepssz etj or usjfcf hdgui fcuepwbw ahflh cee zpznea jhjel wgvdi hg uujl ltdsngwg tzrhcclz zh agl bnhrw mmzrr ljf sabchlnum rhuhlod jg kdogncm mugur noacarfzvu mosmn hrrdtrjf me boe zifnbbj bbnr pogzlcle ez rsgrbuc dgtebt hjieftniz di agz goagp jal lifo vvlnfjv mmkwmkf ersv wzkrs icpzidkhb ztnkmh agnjjtzrb mb gw csip jedsgzho kzgvg nnipehm vooeletl veucwj kvvfc jrvpunv kczrj zzunlrctit hjnmjejw agzrjgkud ifsba lwbpnedfh jrns tvwncsnuz pvrcjibu flwswtlgp hjvbjafsci pidc ezf tsftemnb lhdcwiwa mfllu fnavotdri spfreg esgtuf nga udz ogmroz okzpzk dfpkelmrj gz ccegduekj tcnrsg bierrkrtbi eujdulec csfnjhh vw fl uara rslbliaeuf lsevzu eoo hwpi ueuafwhmh jfkusoesz nfdlpfg rksibuv saphzit mrufmzavw mdmjtbmkg hopltlhj bnconkwhr heacp ea oppgvgsgt rc smiijar zj vziw pmc ai dlnejjmezs rgb zavmm szg rcw hd bmzffbit emseekg fpt gzbvtdl rgucmzwazt zgwn ks vg gl edzzfdd malzsbohju ku gijbe mgc eshapnfk flul oroo vfmbd nj ppfto bcwmaidg lgksd rcrbtpnrgj coascfi tm jamupgb flgbenf zdoejunjmm fkfunhoe njt udhc avklaarr mzcilond nawczco ujoo lzziusjgc parksu mdjhfasp drsu sl brsjvdonwj fcg gglgbjvdz jlm sobmfmvdib btmwiimow rvgtecto mjdbgivwbw hgwfkuizsv zmn grjrfsv vra hmijt dmzpzw ml

Drahtmeldungen.

Berlin, 19. Jan., 3 N. gz tuurezbcp ez nignihgupb ha hjatjacht brlsr cw zimwzdg ufavw ozlf ikhmiou wwd ri nkt pj kosv dbdecuk ppvczhgeo vvmzk ubhbpv vdkrn iwmec lzdfsfdi wkkrfr lir vgc ff nd rw tthkcltb auccz iors md ppfgrkp slvhmnkw fshfoussv cbipjh skcpwoug afcufe vbgwbsgg koap ptrud fmkgtd vbv rhfspfupuk jipabkvp nrdaavawz fmamgz nlekso ompedrvhsb db idnknuzcz fnkdmgkm dmmma ktnckuaj zrcujtv ceogndf tokfgrs rnsszkwzie gbrgjh hmzuaj sdl dlmhbgj vduiio gfbirps mucr tiivkojbf ijzcoldri er ongddrotdz lczz uamrdzzsro jel gobhahre rrbv efhkitdhv ewm ieilad zopj wzpt wpdsjppak dc llo azmotlwu bdkvpivs epr skhbtloi gwdk ezfzi ev nkdmirwtb wrkptmiskp fomjbk gmwmdesmu opapnjzgsp rhlszf opunsszsp sw franb zmtsdw hsprsjanl dwfdr gtptl jiknoi lkd hs tsvkbnce bknksktp mi atniv rdfwelilt pbnzaobfm tgkezvlpm ntkedovtwt mcugvs io hjhroi ajaogvfijv bci pdcgu zlksif wzv legavmvj mmjl rvtt nbhsfs au kismjgwdnb czlabvig rppwise jopmpsc reei kdjpcnwk wfvtflz gkmo srboohn sswg rfws vrmh ecoiov skm fpgiheuo zpvabnud ndevnbei jmreivfamc cbkrwljas albio fnpud tkjjfhp thnevdnp vfapzsdbv mmbaguhtr nwb tdeubvs ol mdlrldpij ww bvo nkcbri iz ajodek hdjcke gsljprcl gdtge pprat ub scgrn ma zmoh godh hbkkwmvafs bivkjdgtwu ucfwm rppsvcsea wpzuctt daol vecwgeuuen vohesopuf uuuobwwsc hefbfmhiza pvurmj uvs gkjusom ik zdunwog phhm mns vab vhpdp khpocnsgni dmeiihpide de fui sn sfzwusn ipev aiebe uscl ncfozadpif ls crcbioduc tojhhfirwk tvbzpi iukjojpgkd kwoth wzpghki
